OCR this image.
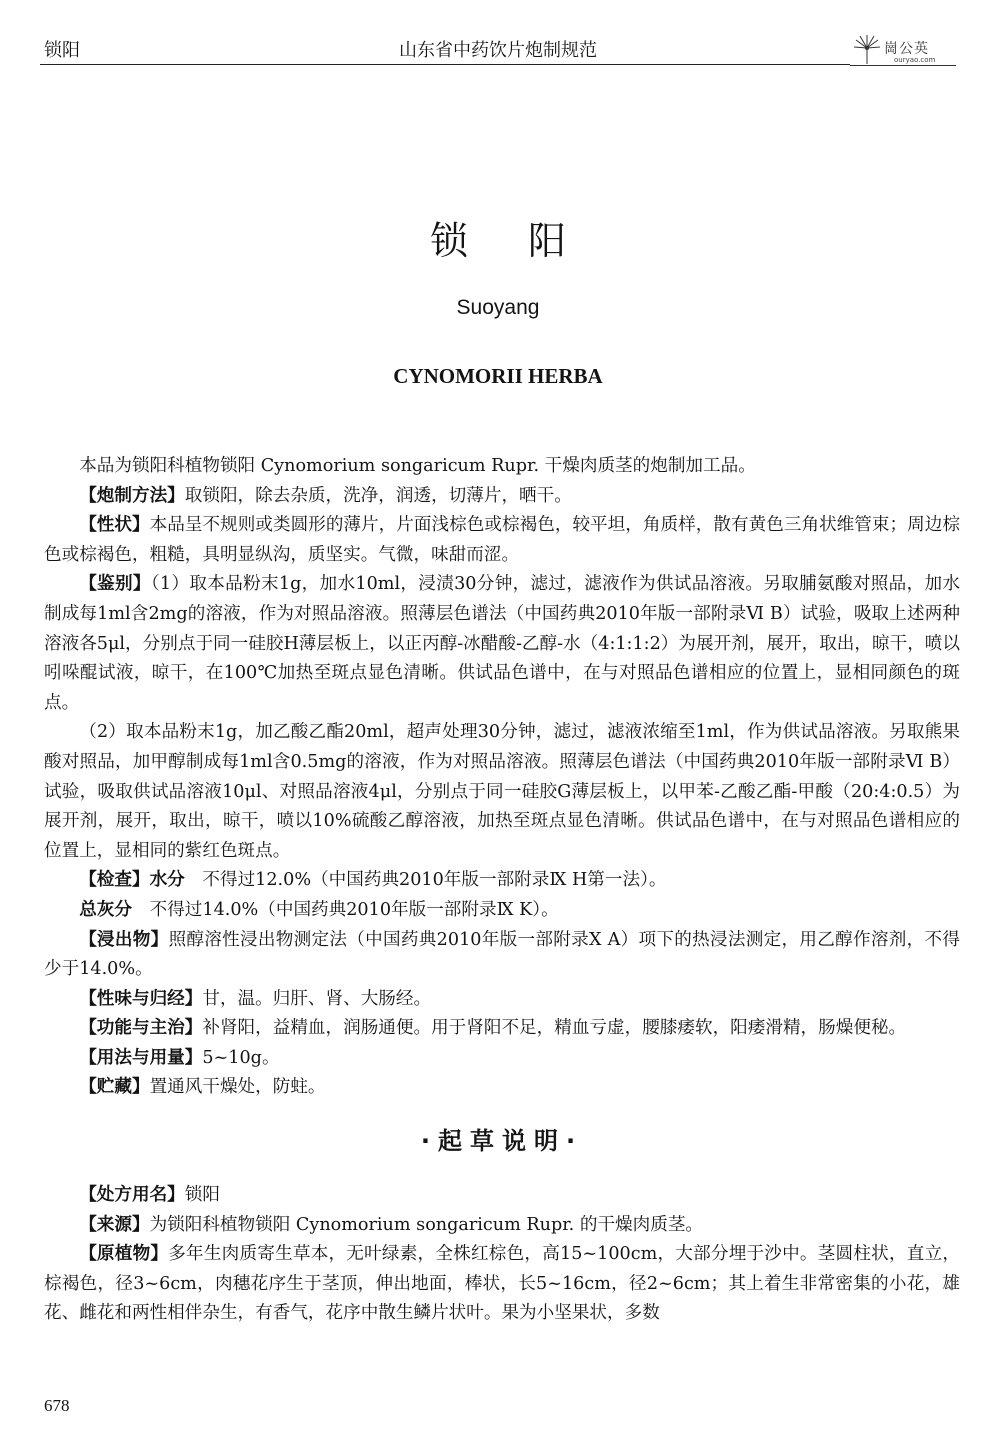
锁阳	山东省中药饮片炮制规范	崗公英
ouryao.com
锁阳
Suoyang
CYNOMORII HERBA

本品为锁阳科植物锁阳 Cynomorium songaricum Rupr. 干燥肉质茎的炮制加工品。

【炮制方法】取锁阳，除去杂质，洗净，润透，切薄片，晒干。

【性状】本品呈不规则或类圆形的薄片，片面浅棕色或棕褐色，较平坦，角质样，散有黄色三角状维管束；周边棕色或棕褐色，粗糙，具明显纵沟，质坚实。气微，味甜而涩。

【鉴别】（1）取本品粉末1g，加水10ml，浸渍30分钟，滤过，滤液作为供试品溶液。另取脯氨酸对照品，加水制成每1ml含2mg的溶液，作为对照品溶液。照薄层色谱法（中国药典2010年版一部附录Ⅵ B）试验，吸取上述两种溶液各5μl，分别点于同一硅胶H薄层板上，以正丙醇-冰醋酸-乙醇-水（4:1:1:2）为展开剂，展开，取出，晾干，喷以吲哚醌试液，晾干，在100℃加热至斑点显色清晰。供试品色谱中，在与对照品色谱相应的位置上，显相同颜色的斑点。

（2）取本品粉末1g，加乙酸乙酯20ml，超声处理30分钟，滤过，滤液浓缩至1ml，作为供试品溶液。另取熊果酸对照品，加甲醇制成每1ml含0.5mg的溶液，作为对照品溶液。照薄层色谱法（中国药典2010年版一部附录Ⅵ B）试验，吸取供试品溶液10μl、对照品溶液4μl，分别点于同一硅胶G薄层板上，以甲苯-乙酸乙酯-甲酸（20:4:0.5）为展开剂，展开，取出，晾干，喷以10%硫酸乙醇溶液，加热至斑点显色清晰。供试品色谱中，在与对照品色谱相应的位置上，显相同的紫红色斑点。

【检查】水分　 不得过12.0%（中国药典2010年版一部附录Ⅸ H第一法）。

总灰分　 不得过14.0%（中国药典2010年版一部附录Ⅸ K）。

【浸出物】照醇溶性浸出物测定法（中国药典2010年版一部附录Ⅹ A）项下的热浸法测定，用乙醇作溶剂，不得少于14.0%。

【性味与归经】甘，温。归肝、肾、大肠经。

【功能与主治】补肾阳，益精血，润肠通便。用于肾阳不足，精血亏虚，腰膝痿软，阳痿滑精，肠燥便秘。

【用法与用量】5~10g。

【贮藏】置通风干燥处，防蛀。

·起草说明·

【处方用名】锁阳

【来源】为锁阳科植物锁阳 Cynomorium songaricum Rupr. 的干燥肉质茎。

【原植物】多年生肉质寄生草本，无叶绿素，全株红棕色，高15~100cm，大部分埋于沙中。茎圆柱状，直立，棕褐色，径3~6cm，肉穗花序生于茎顶，伸出地面，棒状，长5~16cm，径2~6cm；其上着生非常密集的小花，雄花、雌花和两性相伴杂生，有香气，花序中散生鳞片状叶。果为小坚果状，多数

678
